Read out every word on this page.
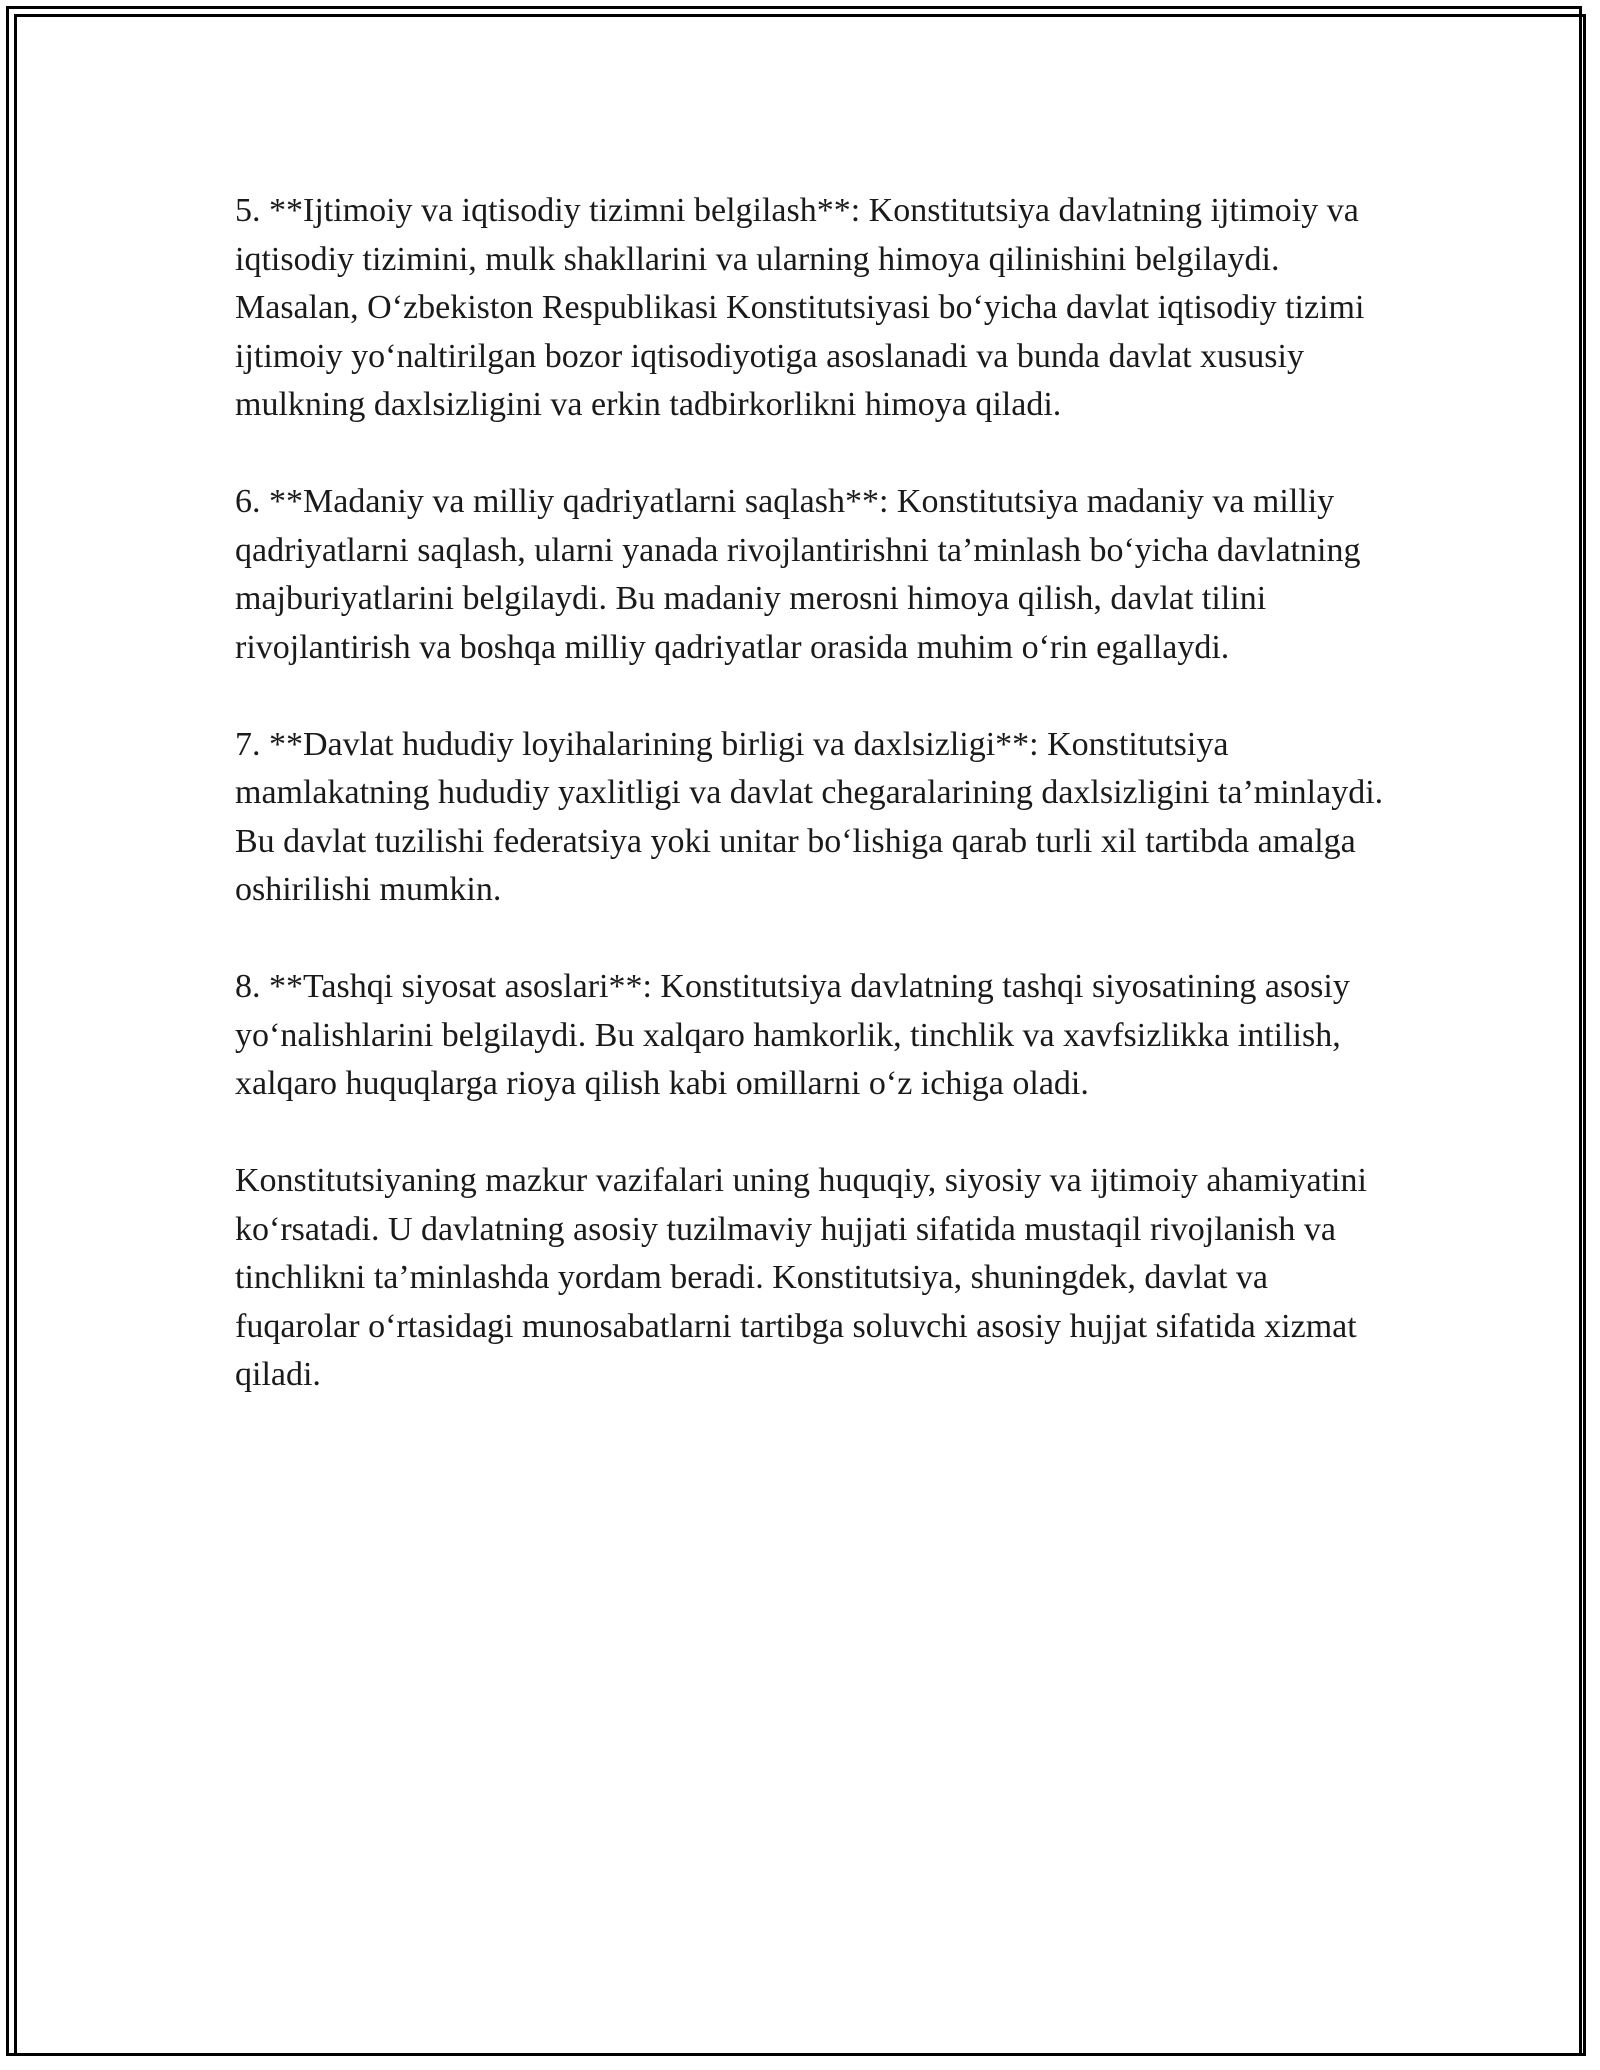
5. **Ijtimoiy va iqtisodiy tizimni belgilash**: Konstitutsiya davlatning ijtimoiy va iqtisodiy tizimini, mulk shakllarini va ularning himoya qilinishini belgilaydi. Masalan, O‘zbekiston Respublikasi Konstitutsiyasi bo‘yicha davlat iqtisodiy tizimi ijtimoiy yo‘naltirilgan bozor iqtisodiyotiga asoslanadi va bunda davlat xususiy mulkning daxlsizligini va erkin tadbirkorlikni himoya qiladi.

6. **Madaniy va milliy qadriyatlarni saqlash**: Konstitutsiya madaniy va milliy qadriyatlarni saqlash, ularni yanada rivojlantirishni ta’minlash bo‘yicha davlatning majburiyatlarini belgilaydi. Bu madaniy merosni himoya qilish, davlat tilini rivojlantirish va boshqa milliy qadriyatlar orasida muhim o‘rin egallaydi.

7. **Davlat hududiy loyihalarining birligi va daxlsizligi**: Konstitutsiya mamlakatning hududiy yaxlitligi va davlat chegaralarining daxlsizligini ta’minlaydi. Bu davlat tuzilishi federatsiya yoki unitar bo‘lishiga qarab turli xil tartibda amalga oshirilishi mumkin.

8. **Tashqi siyosat asoslari**: Konstitutsiya davlatning tashqi siyosatining asosiy yo‘nalishlarini belgilaydi. Bu xalqaro hamkorlik, tinchlik va xavfsizlikka intilish, xalqaro huquqlarga rioya qilish kabi omillarni o‘z ichiga oladi.

Konstitutsiyaning mazkur vazifalari uning huquqiy, siyosiy va ijtimoiy ahamiyatini ko‘rsatadi. U davlatning asosiy tuzilmaviy hujjati sifatida mustaqil rivojlanish va tinchlikni ta’minlashda yordam beradi. Konstitutsiya, shuningdek, davlat va fuqarolar o‘rtasidagi munosabatlarni tartibga soluvchi asosiy hujjat sifatida xizmat qiladi.
